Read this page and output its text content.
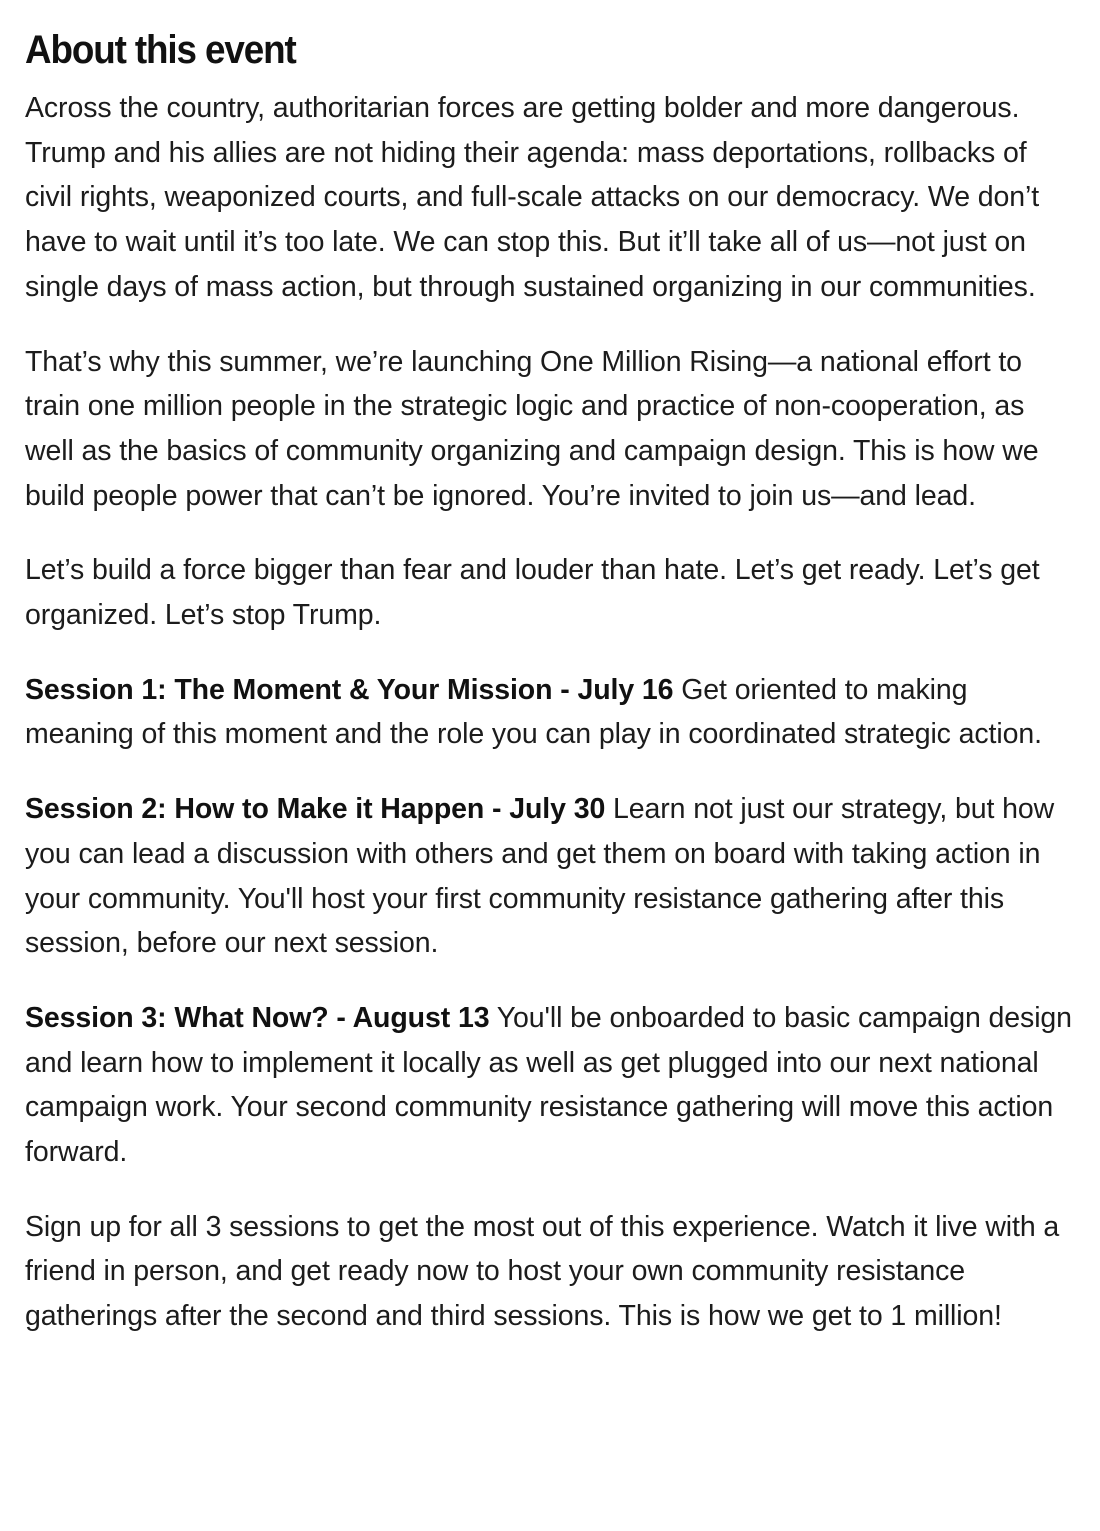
About this event

Across the country, authoritarian forces are getting bolder and more dangerous. Trump and his allies are not hiding their agenda: mass deportations, rollbacks of civil rights, weaponized courts, and full-scale attacks on our democracy. We don’t have to wait until it’s too late. We can stop this. But it’ll take all of us—not just on single days of mass action, but through sustained organizing in our communities.

That’s why this summer, we’re launching One Million Rising—a national effort to train one million people in the strategic logic and practice of non-cooperation, as well as the basics of community organizing and campaign design. This is how we build people power that can’t be ignored. You’re invited to join us—and lead.

Let’s build a force bigger than fear and louder than hate. Let’s get ready. Let’s get organized. Let’s stop Trump.

Session 1: The Moment & Your Mission - July 16 Get oriented to making meaning of this moment and the role you can play in coordinated strategic action.

Session 2: How to Make it Happen - July 30 Learn not just our strategy, but how you can lead a discussion with others and get them on board with taking action in your community. You'll host your first community resistance gathering after this session, before our next session.

Session 3: What Now? - August 13 You'll be onboarded to basic campaign design and learn how to implement it locally as well as get plugged into our next national campaign work. Your second community resistance gathering will move this action forward.

Sign up for all 3 sessions to get the most out of this experience. Watch it live with a friend in person, and get ready now to host your own community resistance gatherings after the second and third sessions. This is how we get to 1 million!
